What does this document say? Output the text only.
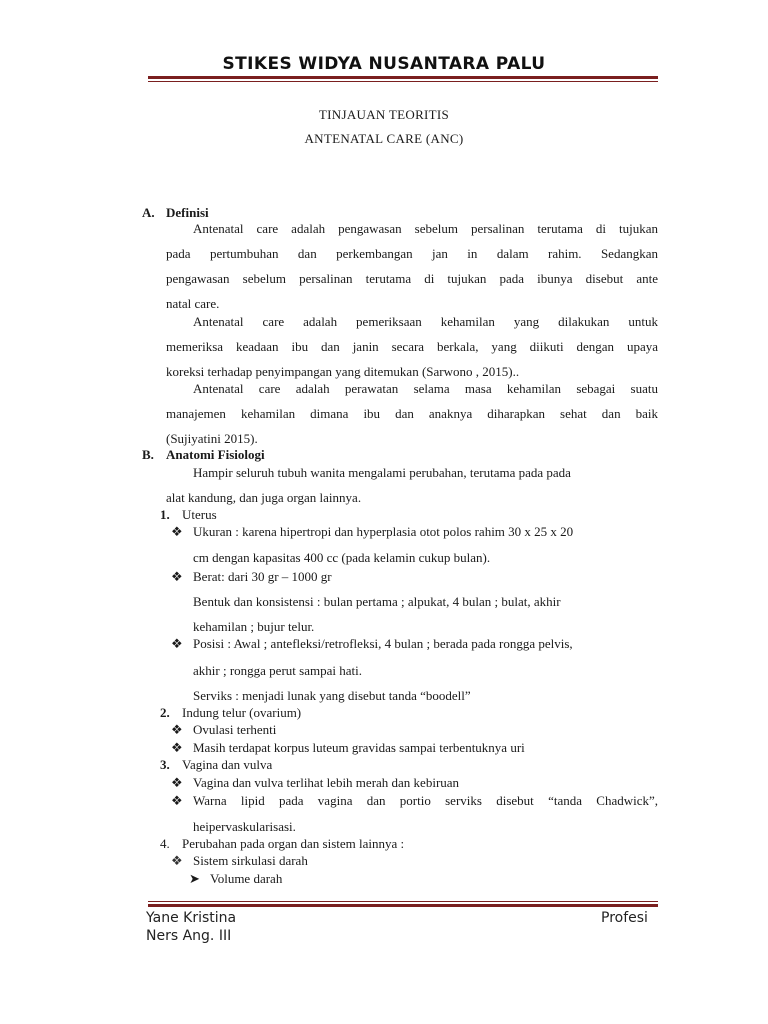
STIKES WIDYA NUSANTARA PALU
TINJAUAN TEORITIS
ANTENATAL CARE (ANC)
A. Definisi
Antenatal care adalah pengawasan sebelum persalinan terutama di tujukan
pada pertumbuhan dan perkembangan jan in dalam rahim. Sedangkan
pengawasan sebelum persalinan terutama di tujukan pada ibunya disebut ante
natal care.
Antenatal care adalah pemeriksaan kehamilan yang dilakukan untuk
memeriksa keadaan ibu dan janin secara berkala, yang diikuti dengan upaya
koreksi terhadap penyimpangan yang ditemukan (Sarwono , 2015)..
Antenatal care adalah perawatan selama masa kehamilan sebagai suatu
manajemen kehamilan dimana ibu dan anaknya diharapkan sehat dan baik
(Sujiyatini 2015).
B. Anatomi Fisiologi
Hampir seluruh tubuh wanita mengalami perubahan, terutama pada pada
alat kandung, dan juga organ lainnya.
1. Uterus
❖ Ukuran : karena hipertropi dan hyperplasia otot polos rahim 30 x 25 x 20
cm dengan kapasitas 400 cc (pada kelamin cukup bulan).
❖ Berat: dari 30 gr – 1000 gr
Bentuk dan konsistensi : bulan pertama ; alpukat, 4 bulan ; bulat, akhir
kehamilan ; bujur telur.
❖ Posisi : Awal ; antefleksi/retrofleksi, 4 bulan ; berada pada rongga pelvis,
akhir ; rongga perut sampai hati.
Serviks : menjadi lunak yang disebut tanda “boodell”
2. Indung telur (ovarium)
❖ Ovulasi terhenti
❖ Masih terdapat korpus luteum gravidas sampai terbentuknya uri
3. Vagina dan vulva
❖ Vagina dan vulva terlihat lebih merah dan kebiruan
❖ Warna lipid pada vagina dan portio serviks disebut “tanda Chadwick”,
heipervaskularisasi.
4. Perubahan pada organ dan sistem lainnya :
❖ Sistem sirkulasi darah
➤ Volume darah
Yane Kristina
Ners Ang. III
Profesi
